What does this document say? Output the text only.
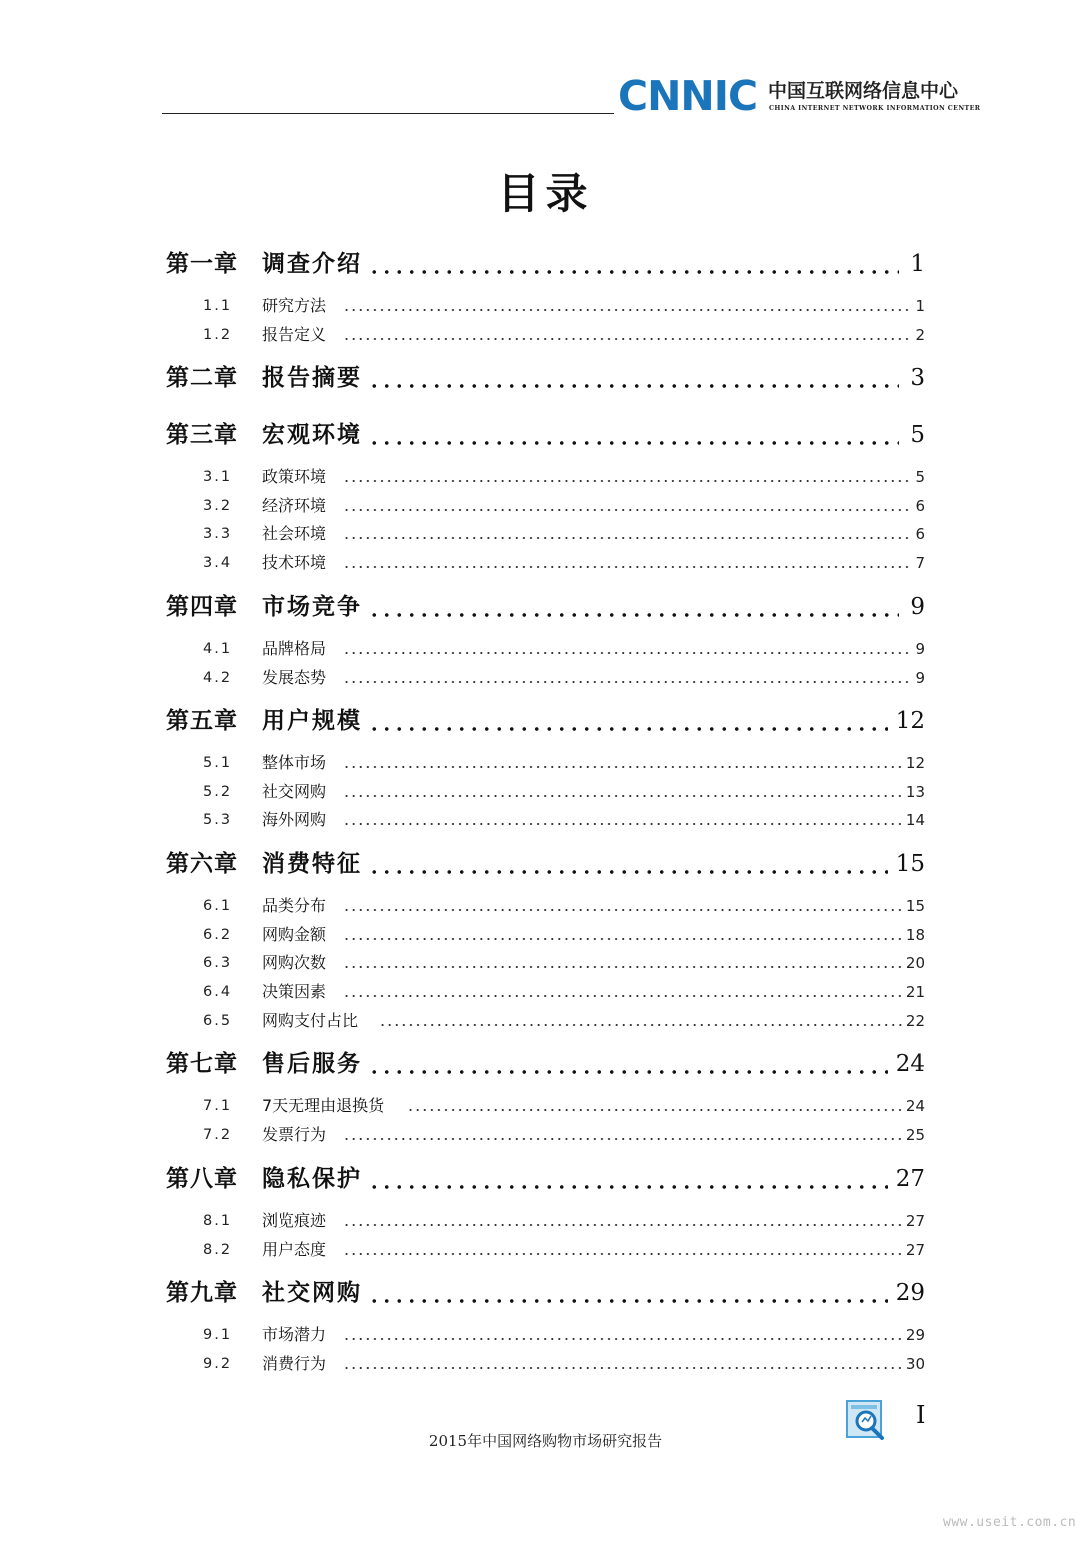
CNNIC 中国互联网络信息中心
CHINA INTERNET NETWORK INFORMATION CENTER
目录
第一章 调查介绍	1
1.1 研究方法	1
1.2 报告定义	2
第二章 报告摘要	3
第三章 宏观环境	5
3.1 政策环境	5
3.2 经济环境	6
3.3 社会环境	6
3.4 技术环境	7
第四章 市场竞争	9
4.1 品牌格局	9
4.2 发展态势	9
第五章 用户规模	12
5.1 整体市场	12
5.2 社交网购	13
5.3 海外网购	14
第六章 消费特征	15
6.1 品类分布	15
6.2 网购金额	18
6.3 网购次数	20
6.4 决策因素	21
6.5 网购支付占比	22
第七章 售后服务	24
7.1 7天无理由退换货	24
7.2 发票行为	25
第八章 隐私保护	27
8.1 浏览痕迹	27
8.2 用户态度	27
第九章 社交网购	29
9.1 市场潜力	29
9.2 消费行为	30
I
2015年中国网络购物市场研究报告
www.useit.com.cn
